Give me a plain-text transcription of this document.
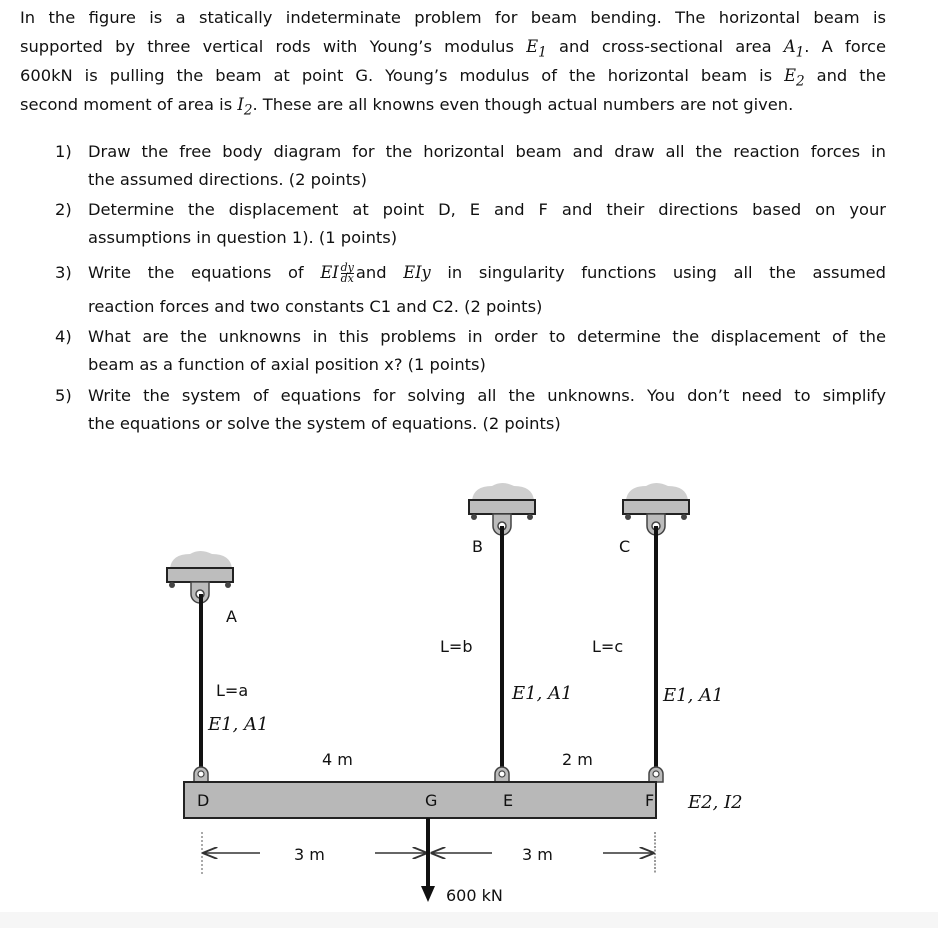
In the figure is a statically indeterminate problem for beam bending. The horizontal beam is
supported by three vertical rods with Young’s modulus $E_1$ and cross-sectional area $A_1$. A force
600kN is pulling the beam at point G. Young’s modulus of the horizontal beam is $E_2$ and the
second moment of area is $I_2$. These are all knowns even though actual numbers are not given.
1) Draw the free body diagram for the horizontal beam and draw all the reaction forces in
the assumed directions. (2 points)
2) Determine the displacement at point D, E and F and their directions based on your
assumptions in question 1). (1 points)
3) Write the equations of EI $\frac{dy}{dx}$ and EIy in singularity functions using all the assumed
reaction forces and two constants C1 and C2. (2 points)
4) What are the unknowns in this problems in order to determine the displacement of the
beam as a function of axial position x? (1 points)
5) Write the system of equations for solving all the unknowns. You don’t need to simplify
the equations or solve the system of equations. (2 points)
A
B	C
L=b	L=c
L=a
E1, A1
E1, A1	E1, A1
4 m	2 m
D	G	E	F E2, I2
3 m	3 m
600 kN
